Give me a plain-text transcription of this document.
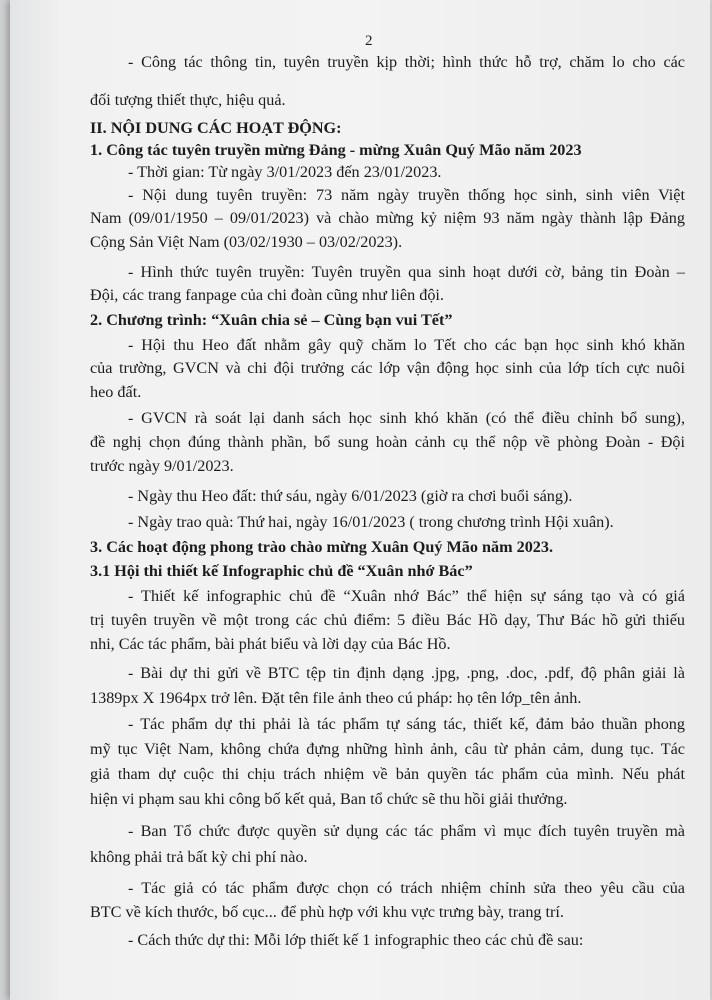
2
- Công tác thông tin, tuyên truyền kịp thời; hình thức hỗ trợ, chăm lo cho các
đối tượng thiết thực, hiệu quả.
II. NỘI DUNG CÁC HOẠT ĐỘNG:
1. Công tác tuyên truyền mừng Đảng - mừng Xuân Quý Mão năm 2023
- Thời gian: Từ ngày 3/01/2023 đến 23/01/2023.
- Nội dung tuyên truyền: 73 năm ngày truyền thống học sinh, sinh viên Việt
Nam (09/01/1950 – 09/01/2023) và chào mừng kỷ niệm 93 năm ngày thành lập Đảng
Cộng Sản Việt Nam (03/02/1930 – 03/02/2023).
- Hình thức tuyên truyền: Tuyên truyền qua sinh hoạt dưới cờ, bảng tin Đoàn –
Đội, các trang fanpage của chi đoàn cũng như liên đội.
2. Chương trình: “Xuân chia sẻ – Cùng bạn vui Tết”
- Hội thu Heo đất nhằm gây quỹ chăm lo Tết cho các bạn học sinh khó khăn
của trường, GVCN và chi đội trưởng các lớp vận động học sinh của lớp tích cực nuôi
heo đất.
- GVCN rà soát lại danh sách học sinh khó khăn (có thể điều chỉnh bổ sung),
đề nghị chọn đúng thành phần, bổ sung hoàn cảnh cụ thể nộp về phòng Đoàn - Đội
trước ngày 9/01/2023.
- Ngày thu Heo đất: thứ sáu, ngày 6/01/2023 (giờ ra chơi buổi sáng).
- Ngày trao quà: Thứ hai, ngày 16/01/2023 ( trong chương trình Hội xuân).
3. Các hoạt động phong trào chào mừng Xuân Quý Mão năm 2023.
3.1 Hội thi thiết kế Infographic chủ đề “Xuân nhớ Bác”
- Thiết kế infographic chủ đề “Xuân nhớ Bác” thể hiện sự sáng tạo và có giá
trị tuyên truyền về một trong các chủ điểm: 5 điều Bác Hồ dạy, Thư Bác hồ gửi thiếu
nhi, Các tác phẩm, bài phát biểu và lời dạy của Bác Hồ.
- Bài dự thi gửi về BTC tệp tin định dạng .jpg, .png, .doc, .pdf, độ phân giải là
1389px X 1964px trở lên. Đặt tên file ảnh theo cú pháp: họ tên lớp_tên ảnh.
- Tác phẩm dự thi phải là tác phẩm tự sáng tác, thiết kế, đảm bảo thuần phong
mỹ tục Việt Nam, không chứa đựng những hình ảnh, câu từ phản cảm, dung tục. Tác
giả tham dự cuộc thi chịu trách nhiệm về bản quyền tác phẩm của mình. Nếu phát
hiện vi phạm sau khi công bố kết quả, Ban tổ chức sẽ thu hồi giải thưởng.
- Ban Tổ chức được quyền sử dụng các tác phẩm vì mục đích tuyên truyền mà
không phải trả bất kỳ chi phí nào.
- Tác giả có tác phẩm được chọn có trách nhiệm chỉnh sửa theo yêu cầu của
BTC về kích thước, bố cục... để phù hợp với khu vực trưng bày, trang trí.
- Cách thức dự thi: Mỗi lớp thiết kế 1 infographic theo các chủ đề sau:
